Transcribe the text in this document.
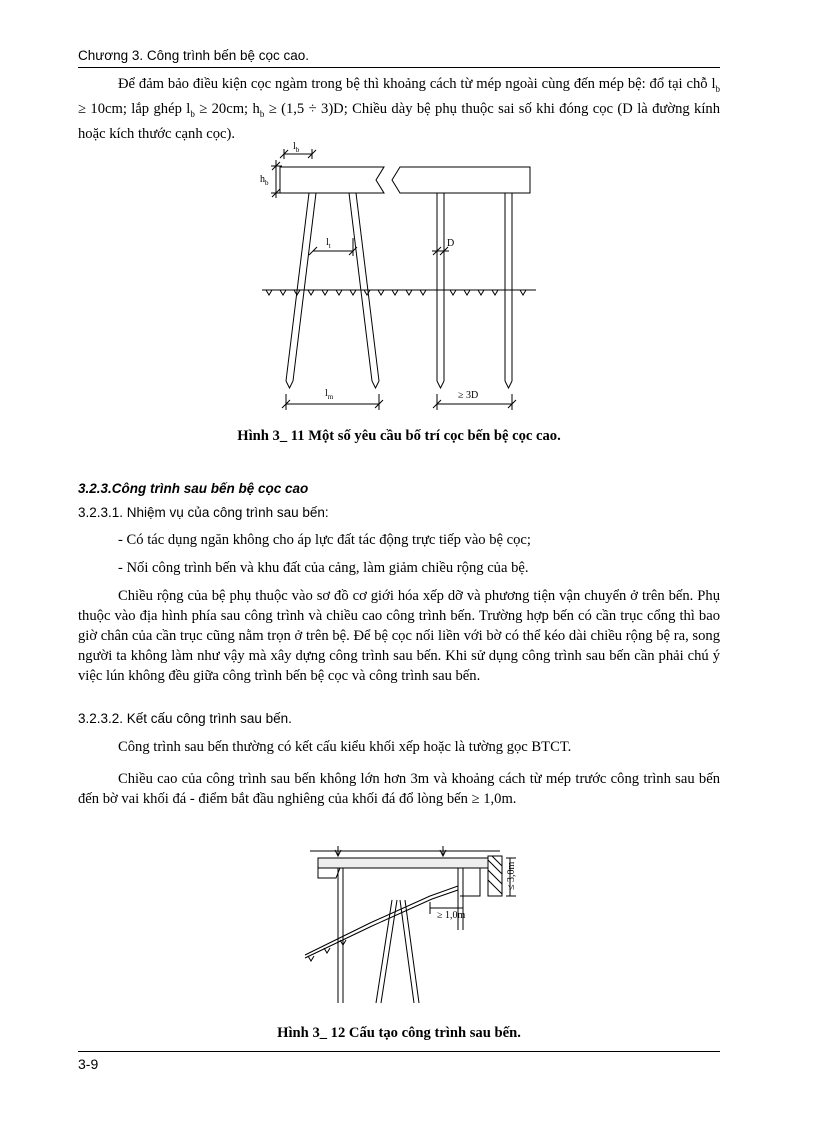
Chương 3. Công trình bến bệ cọc cao.

Để đảm bảo điều kiện cọc ngàm trong bệ thì khoảng cách từ mép ngoài cùng đến mép bệ: đổ tại chỗ $l_b \ge 10cm$; lắp ghép $l_b \ge 20cm$; $h_b \ge (1,5 \div 3)D$; Chiều dày bệ phụ thuộc sai số khi đóng cọc (D là đường kính hoặc kích thước cạnh cọc).

$l_b$
$h_b$
$l_t$	D
$l_m$	≥ 3D

Hình 3_ 11 Một số yêu cầu bố trí cọc bến bệ cọc cao.

3.2.3.Công trình sau bến bệ cọc cao

3.2.3.1. Nhiệm vụ của công trình sau bến:

- Có tác dụng ngăn không cho áp lực đất tác động trực tiếp vào bệ cọc;

- Nối công trình bến và khu đất của cảng, làm giảm chiều rộng của bệ.

Chiều rộng của bệ phụ thuộc vào sơ đồ cơ giới hóa xếp dỡ và phương tiện vận chuyển ở trên bến. Phụ thuộc vào địa hình phía sau công trình và chiều cao công trình bến. Trường hợp bến có cần trục cổng thì bao giờ chân của cần trục cũng nằm trọn ở trên bệ. Để bệ cọc nối liền với bờ có thể kéo dài chiều rộng bệ ra, song người ta không làm như vậy mà xây dựng công trình sau bến. Khi sử dụng công trình sau bến cần phải chú ý việc lún không đều giữa công trình bến bệ cọc và công trình sau bến.

3.2.3.2. Kết cấu công trình sau bến.

Công trình sau bến thường có kết cấu kiểu khối xếp hoặc là tường gọc BTCT.

Chiều cao của công trình sau bến không lớn hơn 3m và khoảng cách từ mép trước công trình sau bến đến bờ vai khối đá - điểm bắt đầu nghiêng của khối đá đổ lòng bến ≥ 1,0m.

≤ 3,0m
≥ 1,0m

Hình 3_ 12 Cấu tạo công trình sau bến.

3-9
